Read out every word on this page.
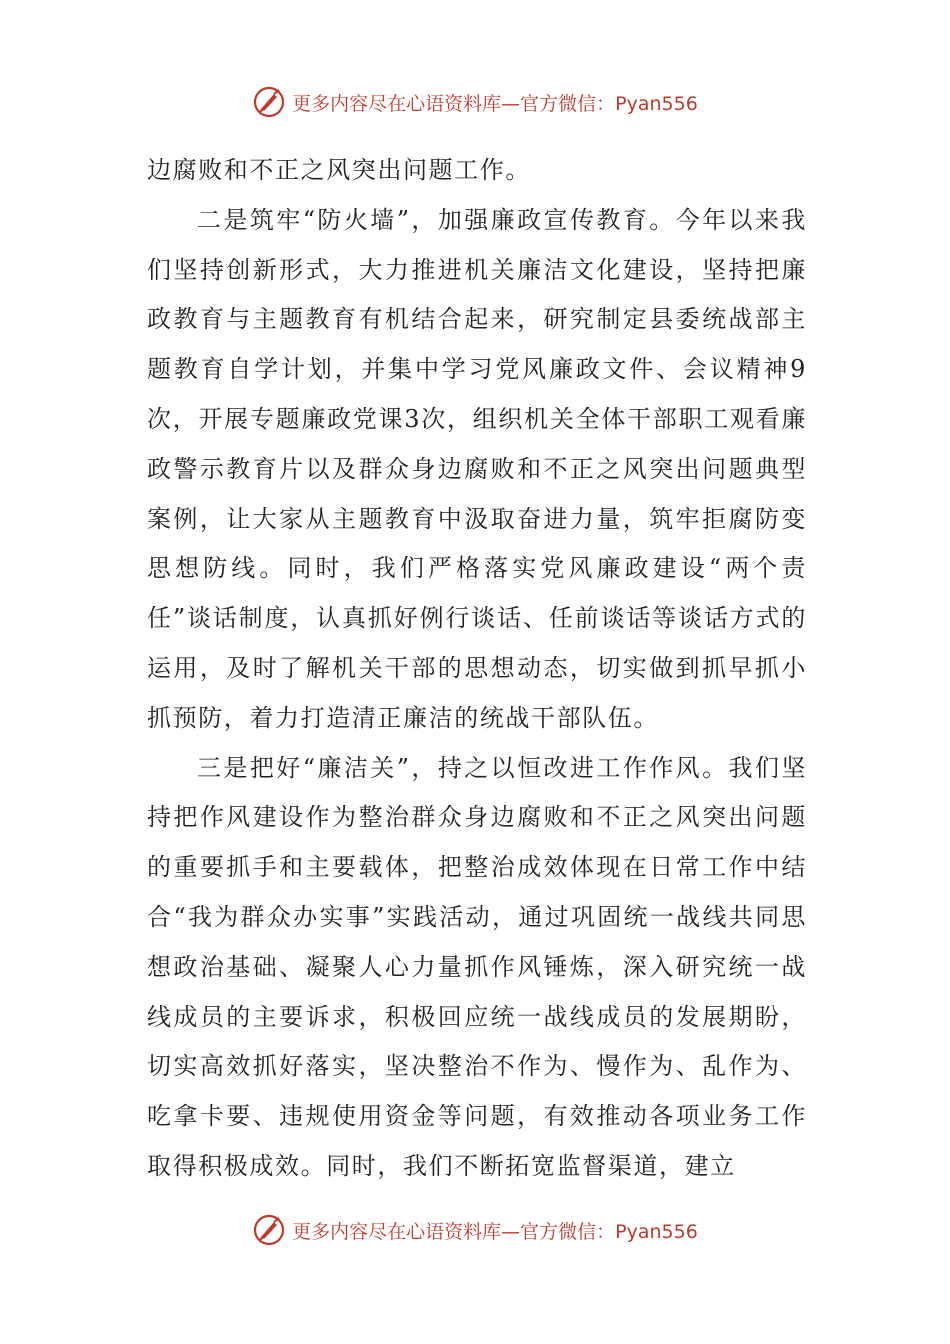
更多内容尽在心语资料库—官方微信：Pyan556

边腐败和不正之风突出问题工作。

二是筑牢“防火墙”，加强廉政宣传教育。今年以来我们坚持创新形式，大力推进机关廉洁文化建设，坚持把廉政教育与主题教育有机结合起来，研究制定县委统战部主题教育自学计划，并集中学习党风廉政文件、会议精神9次，开展专题廉政党课3次，组织机关全体干部职工观看廉政警示教育片以及群众身边腐败和不正之风突出问题典型案例，让大家从主题教育中汲取奋进力量，筑牢拒腐防变思想防线。同时，我们严格落实党风廉政建设“两个责任”谈话制度，认真抓好例行谈话、任前谈话等谈话方式的运用，及时了解机关干部的思想动态，切实做到抓早抓小抓预防，着力打造清正廉洁的统战干部队伍。

三是把好“廉洁关”，持之以恒改进工作作风。我们坚持把作风建设作为整治群众身边腐败和不正之风突出问题的重要抓手和主要载体，把整治成效体现在日常工作中结合“我为群众办实事”实践活动，通过巩固统一战线共同思想政治基础、凝聚人心力量抓作风锤炼，深入研究统一战线成员的主要诉求，积极回应统一战线成员的发展期盼，切实高效抓好落实，坚决整治不作为、慢作为、乱作为、吃拿卡要、违规使用资金等问题，有效推动各项业务工作取得积极成效。同时，我们不断拓宽监督渠道，建立

更多内容尽在心语资料库—官方微信：Pyan556
